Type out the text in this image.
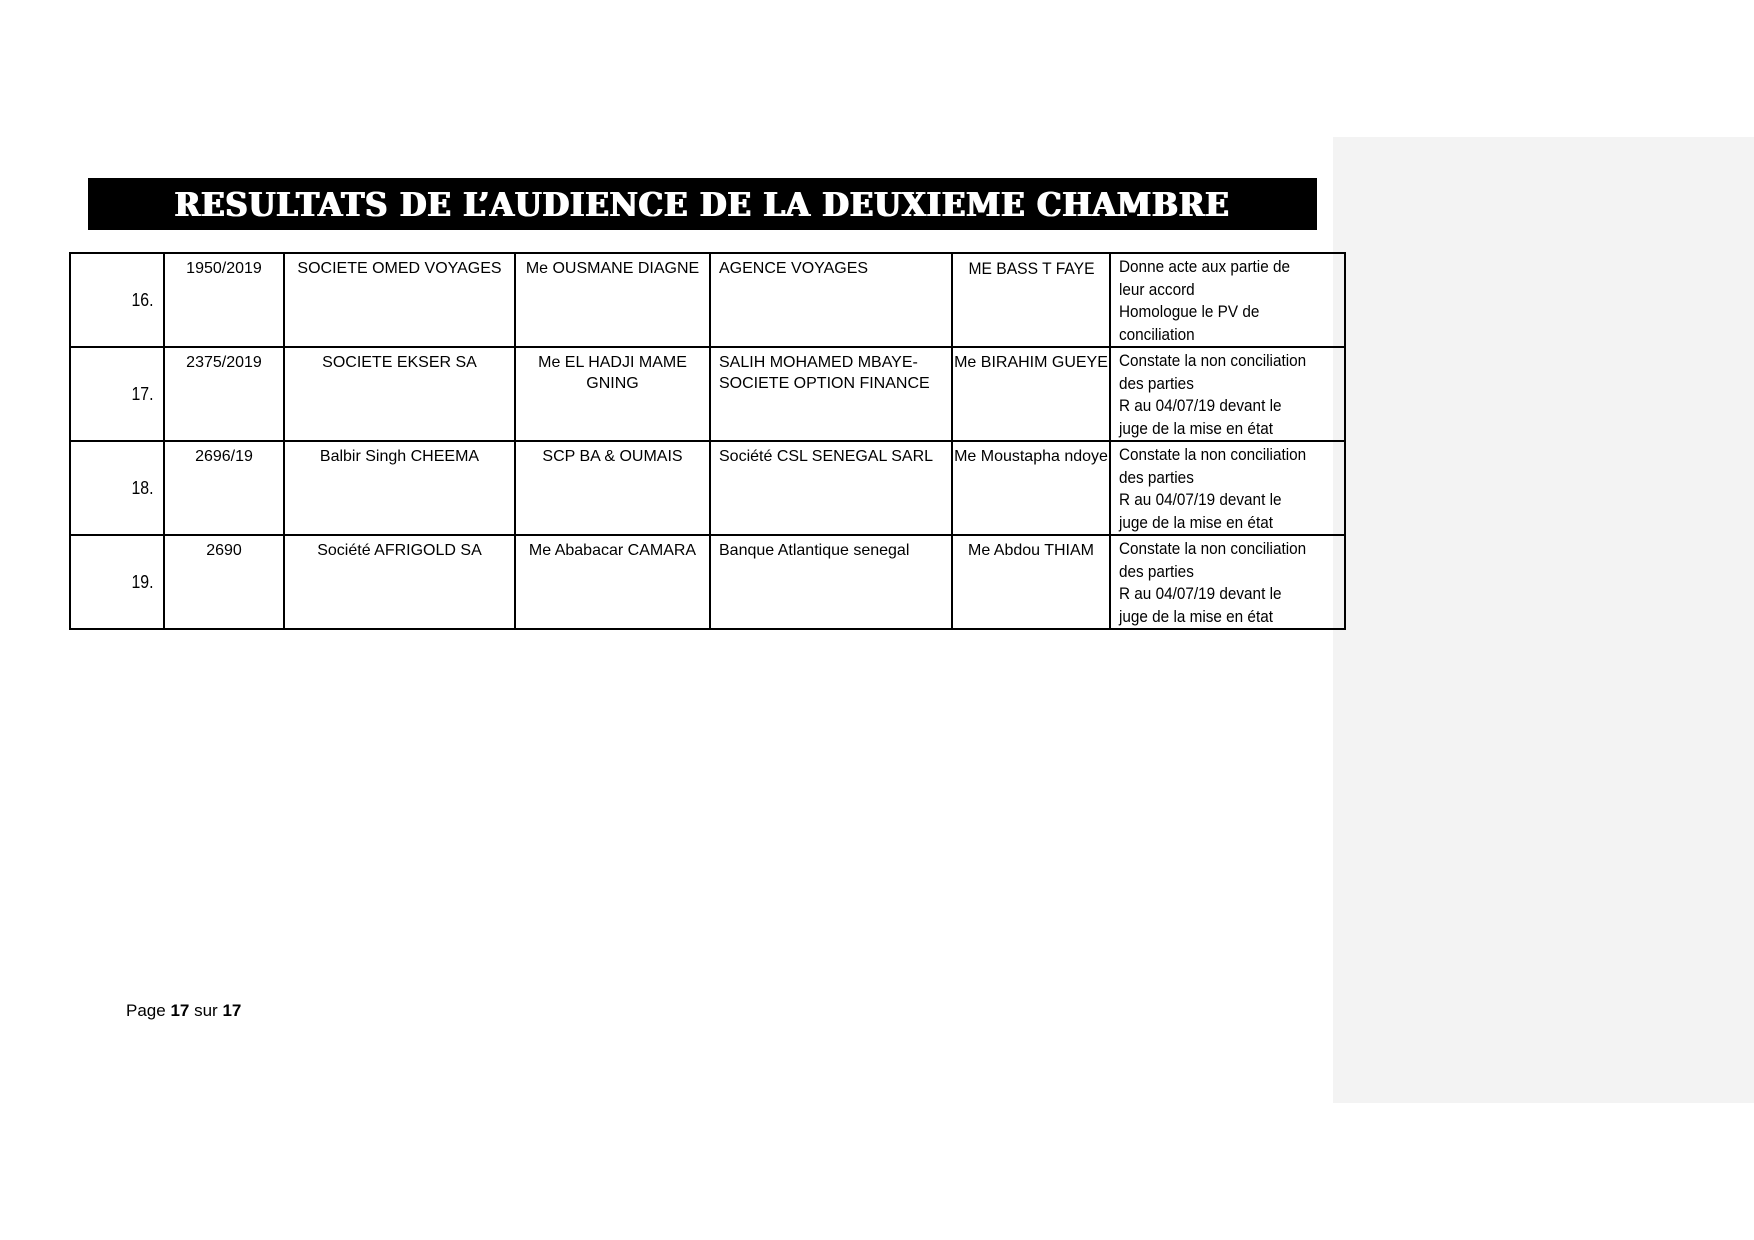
RESULTATS DE L’AUDIENCE DE LA DEUXIEME CHAMBRE
16.	1950/2019	SOCIETE OMED VOYAGES	Me OUSMANE DIAGNE	AGENCE VOYAGES	ME BASS T FAYE	Donne acte aux partie de
leur accord
Homologue le PV de
conciliation

17.	2375/2019	SOCIETE EKSER SA	Me EL HADJI MAME GNING	SALIH MOHAMED MBAYE-SOCIETE OPTION FINANCE	Me BIRAHIM GUEYE	Constate la non conciliation
des parties
R au 04/07/19 devant le
juge de la mise en état

18.	2696/19	Balbir Singh CHEEMA	SCP BA & OUMAIS	Société CSL SENEGAL SARL	Me Moustapha ndoye	Constate la non conciliation
des parties
R au 04/07/19 devant le
juge de la mise en état

19.	2690	Société AFRIGOLD SA	Me Ababacar CAMARA	Banque Atlantique senegal	Me Abdou THIAM	Constate la non conciliation
des parties
R au 04/07/19 devant le
juge de la mise en état
Page 17 sur 17
